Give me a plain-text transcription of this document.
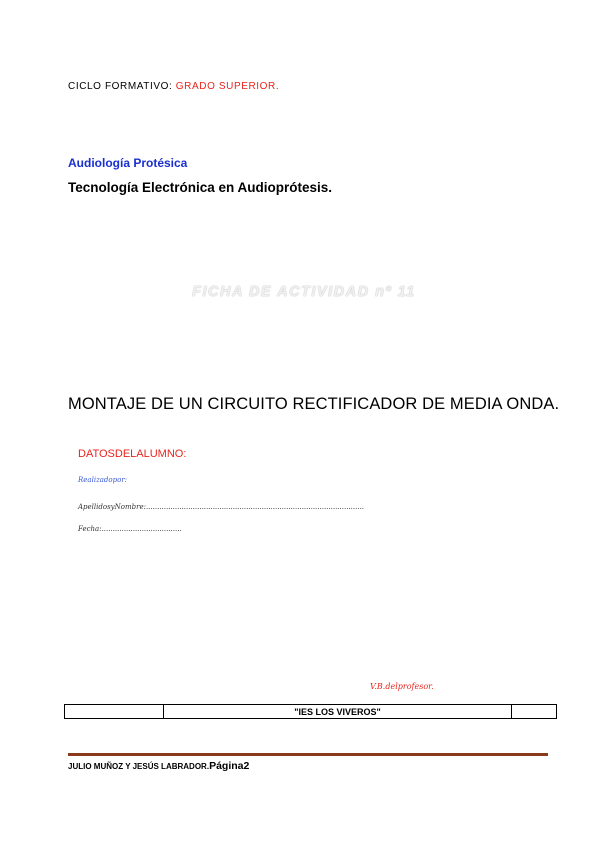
CICLO FORMATIVO: GRADO SUPERIOR.
Audiología Protésica
Tecnología Electrónica en Audioprótesis.
FICHA DE ACTIVIDAD nº 11
MONTAJE DE UN CIRCUITO RECTIFICADOR DE MEDIA ONDA.
DATOSDELALUMNO:
Realizadopor:
ApellidosyNombre:..................................................................................................
Fecha:....................................
V.B.delprofesor.
	"IES LOS VIVEROS"	
JULIO MUÑOZ Y JESÚS LABRADOR.Página2
